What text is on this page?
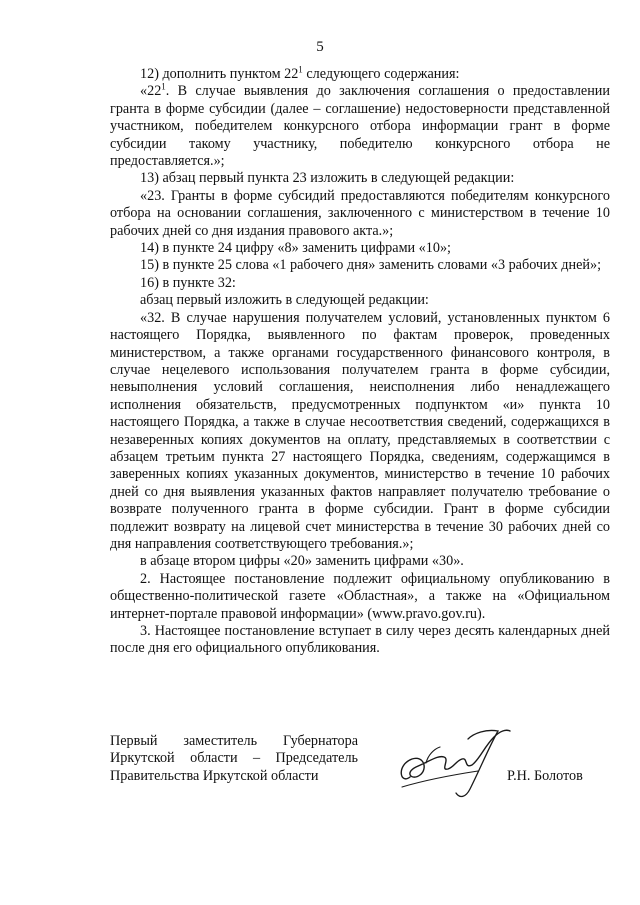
5

12) дополнить пунктом $22^1$ следующего содержания:

«$22^1$. В случае выявления до заключения соглашения о предоставлении гранта в форме субсидии (далее – соглашение) недостоверности представленной участником, победителем конкурсного отбора информации грант в форме субсидии такому участнику, победителю конкурсного отбора не предоставляется.»;

13) абзац первый пункта 23 изложить в следующей редакции:

«23. Гранты в форме субсидий предоставляются победителям конкурсного отбора на основании соглашения, заключенного с министерством в течение 10 рабочих дней со дня издания правового акта.»;

14) в пункте 24 цифру «8» заменить цифрами «10»;

15) в пункте 25 слова «1 рабочего дня» заменить словами «3 рабочих дней»;

16) в пункте 32:

абзац первый изложить в следующей редакции:

«32. В случае нарушения получателем условий, установленных пунктом 6 настоящего Порядка, выявленного по фактам проверок, проведенных министерством, а также органами государственного финансового контроля, в случае нецелевого использования получателем гранта в форме субсидии, невыполнения условий соглашения, неисполнения либо ненадлежащего исполнения обязательств, предусмотренных подпунктом «и» пункта 10 настоящего Порядка, а также в случае несоответствия сведений, содержащихся в незаверенных копиях документов на оплату, представляемых в соответствии с абзацем третьим пункта 27 настоящего Порядка, сведениям, содержащимся в заверенных копиях указанных документов, министерство в течение 10 рабочих дней со дня выявления указанных фактов направляет получателю требование о возврате полученного гранта в форме субсидии. Грант в форме субсидии подлежит возврату на лицевой счет министерства в течение 30 рабочих дней со дня направления соответствующего требования.»;

в абзаце втором цифры «20» заменить цифрами «30».

2. Настоящее постановление подлежит официальному опубликованию в общественно-политической газете «Областная», а также на «Официальном интернет-портале правовой информации» (www.pravo.gov.ru).

3. Настоящее постановление вступает в силу через десять календарных дней после дня его официального опубликования.

Первый заместитель Губернатора
Иркутской области – Председатель
Правительства Иркутской области	Р.Н. Болотов
